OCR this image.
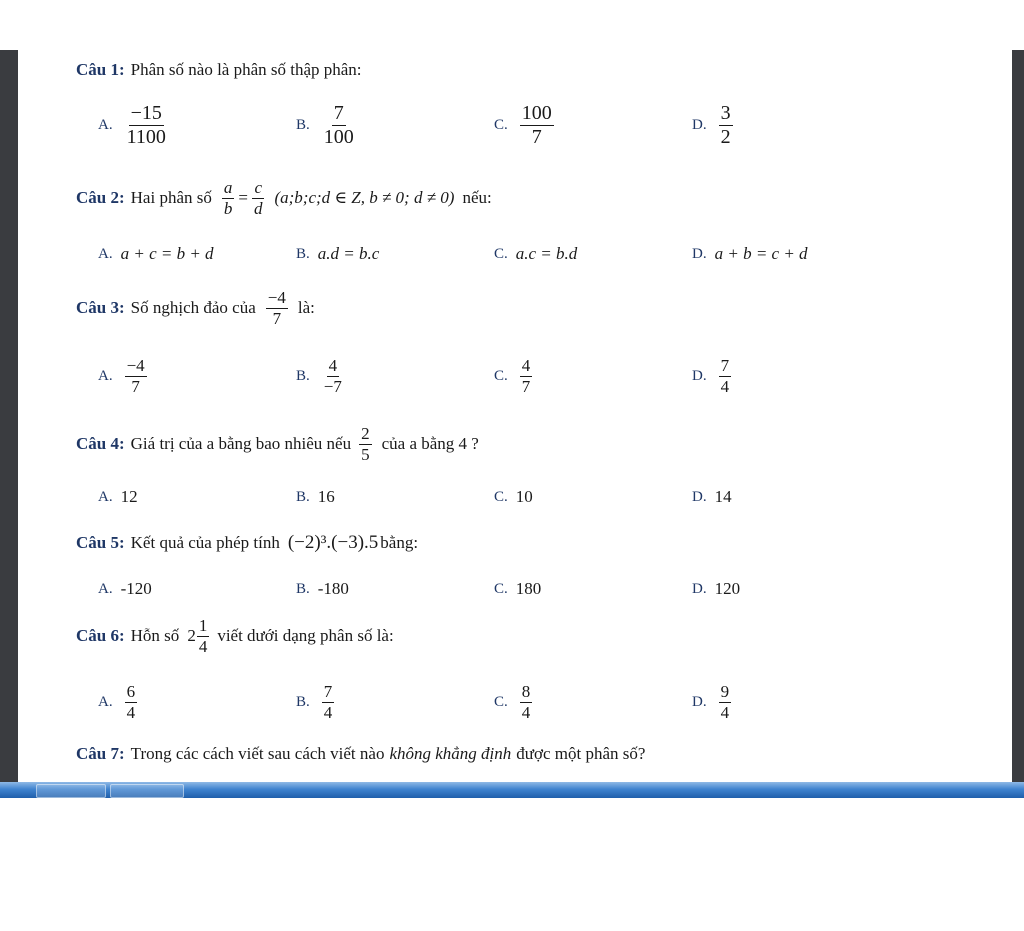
Câu 1: Phân số nào là phân số thập phân:
A. $\frac{-15}{1100}$	B. $\frac{7}{100}$	C. $\frac{100}{7}$	D. $\frac{3}{2}$
Câu 2: Hai phân số $\frac{a}{b} = \frac{c}{d}$ (a;b;c;d ∈ Z, b ≠ 0; d ≠ 0) nếu:
A. a + c = b + d	B. a.d = b.c	C. a.c = b.d	D. a + b = c + d
Câu 3: Số nghịch đảo của $\frac{-4}{7}$ là:
A. $\frac{-4}{7}$	B. $\frac{4}{-7}$	C. $\frac{4}{7}$	D. $\frac{7}{4}$
Câu 4: Giá trị của a bằng bao nhiêu nếu $\frac{2}{5}$ của a bằng 4 ?
A. 12	B. 16	C. 10	D. 14
Câu 5: Kết quả của phép tính (−2)³.(−3).5 bằng:
A. -120	B. -180	C. 180	D. 120
Câu 6: Hỗn số $2 \frac{1}{4}$ viết dưới dạng phân số là:
A. $\frac{6}{4}$	B. $\frac{7}{4}$	C. $\frac{8}{4}$	D. $\frac{9}{4}$
Câu 7: Trong các cách viết sau cách viết nào không khẳng định được một phân số?
